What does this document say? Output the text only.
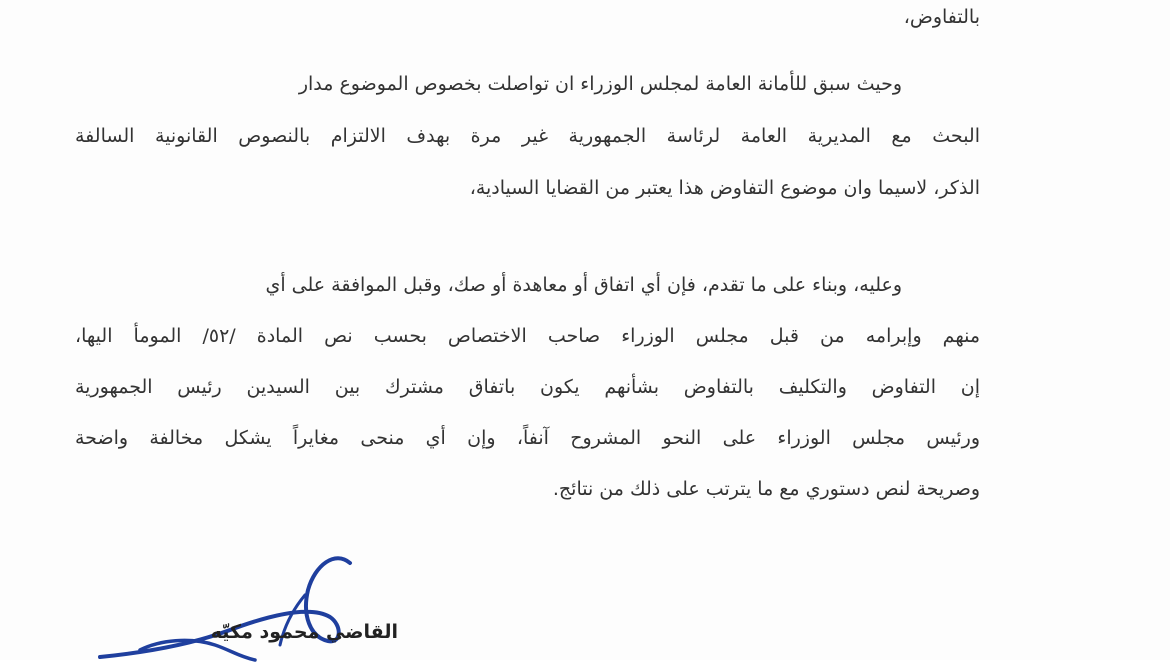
بالتفاوض،
وحيث سبق للأمانة العامة لمجلس الوزراء ان تواصلت بخصوص الموضوع مدار
البحث مع المديرية العامة لرئاسة الجمهورية غير مرة بهدف الالتزام بالنصوص القانونية السالفة
الذكر، لاسيما وان موضوع التفاوض هذا يعتبر من القضايا السيادية،
وعليه، وبناء على ما تقدم، فإن أي اتفاق أو معاهدة أو صك، وقبل الموافقة على أي
منهم وإبرامه من قبل مجلس الوزراء صاحب الاختصاص بحسب نص المادة /٥٢/ المومأ اليها،
إن التفاوض والتكليف بالتفاوض بشأنهم يكون باتفاق مشترك بين السيدين رئيس الجمهورية
ورئيس مجلس الوزراء على النحو المشروح آنفاً، وإن أي منحى مغايراً يشكل مخالفة واضحة
وصريحة لنص دستوري مع ما يترتب على ذلك من نتائج.
القاضي محمود مكيّه
